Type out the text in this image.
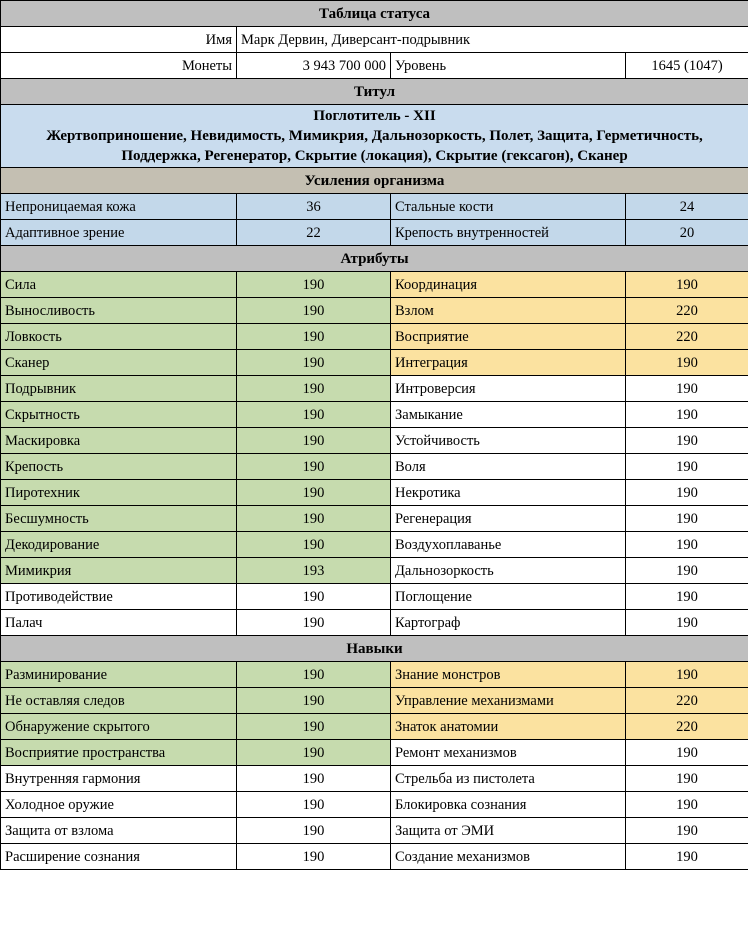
Таблица статуса			
Имя	Марк Дервин, Диверсант-подрывник		
Монеты	3 943 700 000	Уровень	1645 (1047)
Титул			

Поглотитель - XII
Жертвоприношение, Невидимость, Мимикрия, Дальнозоркость, Полет, Защита, Герметичность, Поддержка, Регенератор, Скрытие (локация), Скрытие (гексагон), Сканер			

Усиления организма			
Непроницаемая кожа	36	Стальные кости	24
Адаптивное зрение	22	Крепость внутренностей	20
Атрибуты			
Сила	190	Координация	190
Выносливость	190	Взлом	220
Ловкость	190	Восприятие	220
Сканер	190	Интеграция	190
Подрывник	190	Интроверсия	190
Скрытность	190	Замыкание	190
Маскировка	190	Устойчивость	190
Крепость	190	Воля	190
Пиротехник	190	Некротика	190
Бесшумность	190	Регенерация	190
Декодирование	190	Воздухоплаванье	190
Мимикрия	193	Дальнозоркость	190
Противодействие	190	Поглощение	190
Палач	190	Картограф	190
Навыки			
Разминирование	190	Знание монстров	190
Не оставляя следов	190	Управление механизмами	220
Обнаружение скрытого	190	Знаток анатомии	220
Восприятие пространства	190	Ремонт механизмов	190
Внутренняя гармония	190	Стрельба из пистолета	190
Холодное оружие	190	Блокировка сознания	190
Защита от взлома	190	Защита от ЭМИ	190
Расширение сознания	190	Создание механизмов	190
